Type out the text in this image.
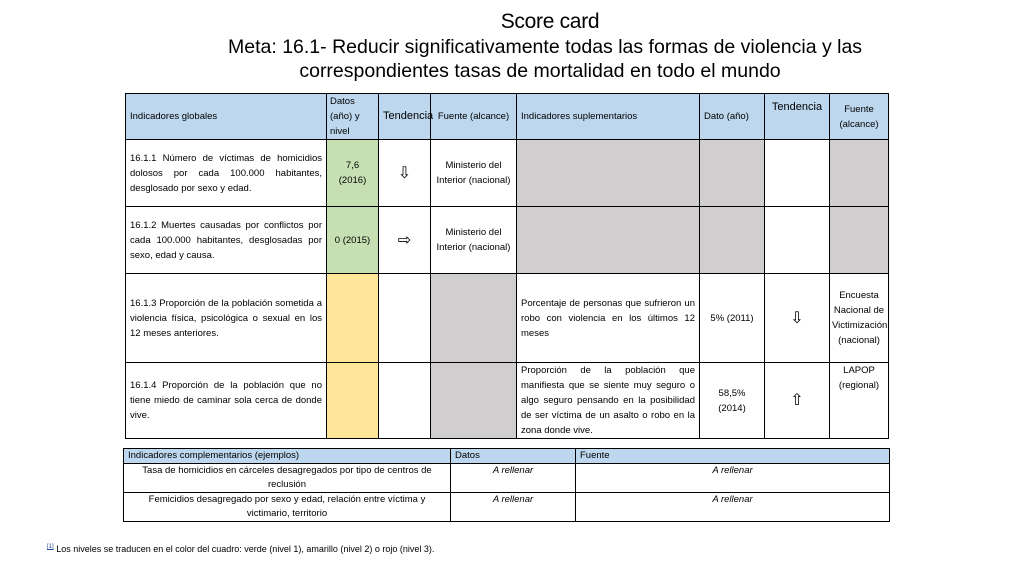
Score card
Meta: 16.1- Reducir significativamente todas las formas de violencia y las
correspondientes tasas de mortalidad en todo el mundo
Indicadores globales	Datos (año) y nivel	Tendencia	Fuente (alcance)	Indicadores suplementarios	Dato (año)	Tendencia	Fuente (alcance)
16.1.1 Número de víctimas de homicidios dolosos por cada 100.000 habitantes, desglosado por sexo y edad.	7,6 (2016)	⇩	Ministerio del Interior (nacional)				
16.1.2 Muertes causadas por conflictos por cada 100.000 habitantes, desglosadas por sexo, edad y causa.	0 (2015)	⇨	Ministerio del Interior (nacional)				
16.1.3 Proporción de la población sometida a violencia física, psicológica o sexual en los 12 meses anteriores.				Porcentaje de personas que sufrieron un robo con violencia en los últimos 12 meses	5% (2011)	⇩	Encuesta Nacional de Victimización (nacional)
16.1.4 Proporción de la población que no tiene miedo de caminar sola cerca de donde vive.				Proporción de la población que manifiesta que se siente muy seguro o algo seguro pensando en la posibilidad de ser víctima de un asalto o robo en la zona donde vive.	58,5% (2014)	⇧	LAPOP (regional)
Indicadores complementarios (ejemplos)	Datos	Fuente
Tasa de homicidios en cárceles desagregados por tipo de centros de reclusión	A rellenar	A rellenar
Femicidios desagregado por sexo y edad, relación entre víctima y victimario, territorio	A rellenar	A rellenar
[1] Los niveles se traducen en el color del cuadro: verde (nivel 1), amarillo (nivel 2) o rojo (nivel 3).
